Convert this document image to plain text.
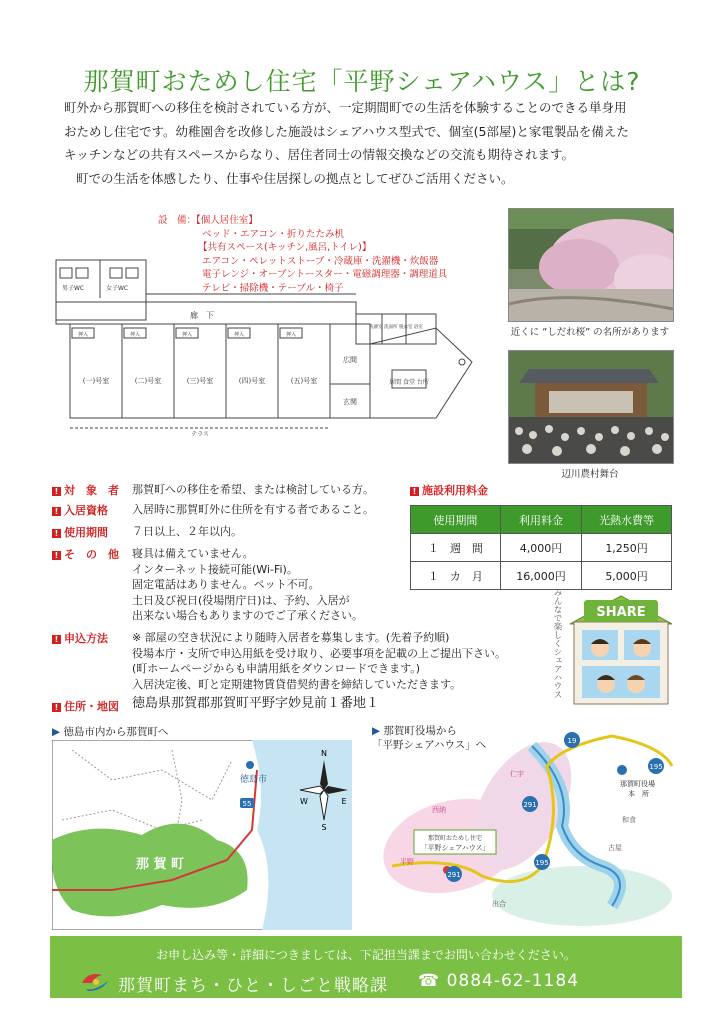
那賀町おためし住宅「平野シェアハウス」とは?

町外から那賀町への移住を検討されている方が、一定期間町での生活を体験することのできる単身用

おためし住宅です。幼稚園舎を改修した施設はシェアハウス型式で、個室(5部屋)と家電製品を備えた

キッチンなどの共有スペースからなり、居住者同士の情報交換などの交流も期待されます。

町での生活を体感したり、仕事や住居探しの拠点としてぜひご活用ください。

設　備：【個人居住室】
ベッド・エアコン・折りたたみ机
【共有スペース(キッチン,風呂,トイレ)】
エアコン・ペレットストーブ・冷蔵庫・洗濯機・炊飯器
電子レンジ・オーブントースター・電磁調理器・調理道具
テレビ・掃除機・テーブル・椅子
廊　下
男子WC	女子WC
(一)号室	(二)号室	(三)号室	(四)号室	(五)号室
押入	押入	押入	押入	押入
広間
玄関
洗濯室 洗面所 脱衣室 浴室
居間 食堂 台所
テラス
近くに “しだれ桜” の名所があります
辺川農村舞台
! 対　象　者 那賀町への移住を希望、または検討している方。
! 入居資格 入居時に那賀町外に住所を有する者であること。
! 使用期間 ７日以上、２年以内。
! そ　の　他 寝具は備えていません。
インターネット接続可能(Wi-Fi)。
固定電話はありません。ペット不可。
土日及び祝日(役場閉庁日)は、予約、入居が
出来ない場合もありますのでご了承ください。
! 申込方法 ※ 部屋の空き状況により随時入居者を募集します。(先着予約順)
役場本庁・支所で申込用紙を受け取り、必要事項を記載の上ご提出下さい。
(町ホームページからも申請用紙をダウンロードできます。)
入居決定後、町と定期建物賃貸借契約書を締結していただきます。
! 住所・地図 徳島県那賀郡那賀町平野字妙見前１番地１
! 施設利用料金
使用期間	利用料金	光熱水費等
１　週　間	4,000円	1,250円
１　カ　月	16,000円	5,000円
みんなで楽しくシェアハウス	SHARE
▶ 徳島市内から那賀町へ
徳島市
55
那 賀 町
N
S
E
W
▶ 那賀町役場から
「平野シェアハウス」へ
那賀町役場
本　所
那賀町おためし住宅
「平野シェアハウス」
195
195
291
291
19
平野
西納
仁宇
和食
古屋
出合
お申し込み等・詳細につきましては、下記担当課までお問い合わせください。
那賀町まち・ひと・しごと戦略課 ☎ 0884-62-1184
